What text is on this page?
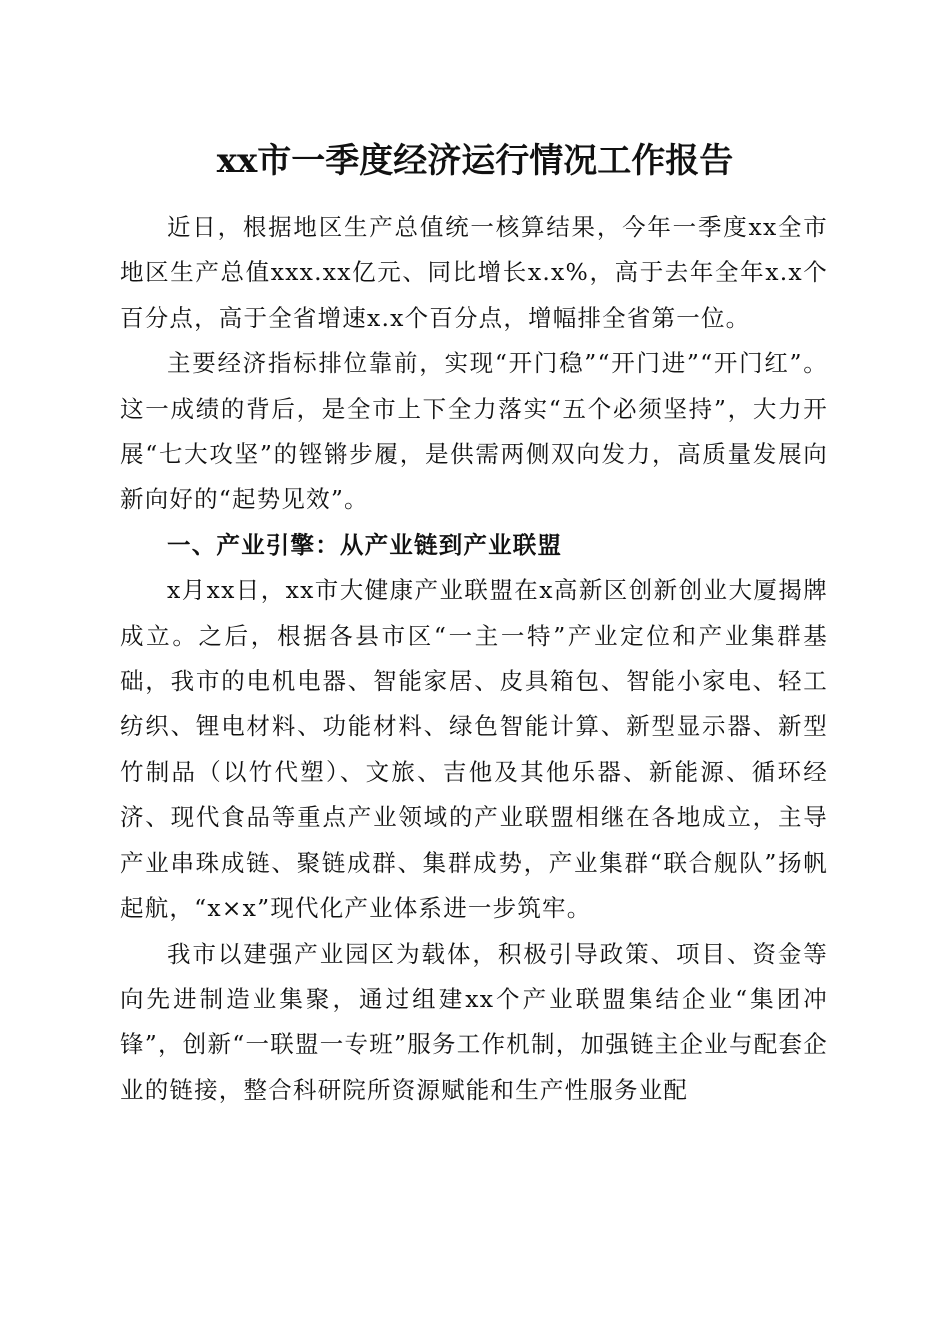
xx市一季度经济运行情况工作报告

近日，根据地区生产总值统一核算结果，今年一季度xx全市地区生产总值xxx.xx亿元、同比增长x.x%，高于去年全年x.x个百分点，高于全省增速x.x个百分点，增幅排全省第一位。

主要经济指标排位靠前，实现“开门稳”“开门进”“开门红”。这一成绩的背后，是全市上下全力落实“五个必须坚持”，大力开展“七大攻坚”的铿锵步履，是供需两侧双向发力，高质量发展向新向好的“起势见效”。

一、产业引擎：从产业链到产业联盟

x月xx日，xx市大健康产业联盟在x高新区创新创业大厦揭牌成立。之后，根据各县市区“一主一特”产业定位和产业集群基础，我市的电机电器、智能家居、皮具箱包、智能小家电、轻工纺织、锂电材料、功能材料、绿色智能计算、新型显示器、新型竹制品（以竹代塑）、文旅、吉他及其他乐器、新能源、循环经济、现代食品等重点产业领域的产业联盟相继在各地成立，主导产业串珠成链、聚链成群、集群成势，产业集群“联合舰队”扬帆起航，“x×x”现代化产业体系进一步筑牢。

我市以建强产业园区为载体，积极引导政策、项目、资金等向先进制造业集聚，通过组建xx个产业联盟集结企业“集团冲锋”，创新“一联盟一专班”服务工作机制，加强链主企业与配套企业的链接，整合科研院所资源赋能和生产性服务业配
